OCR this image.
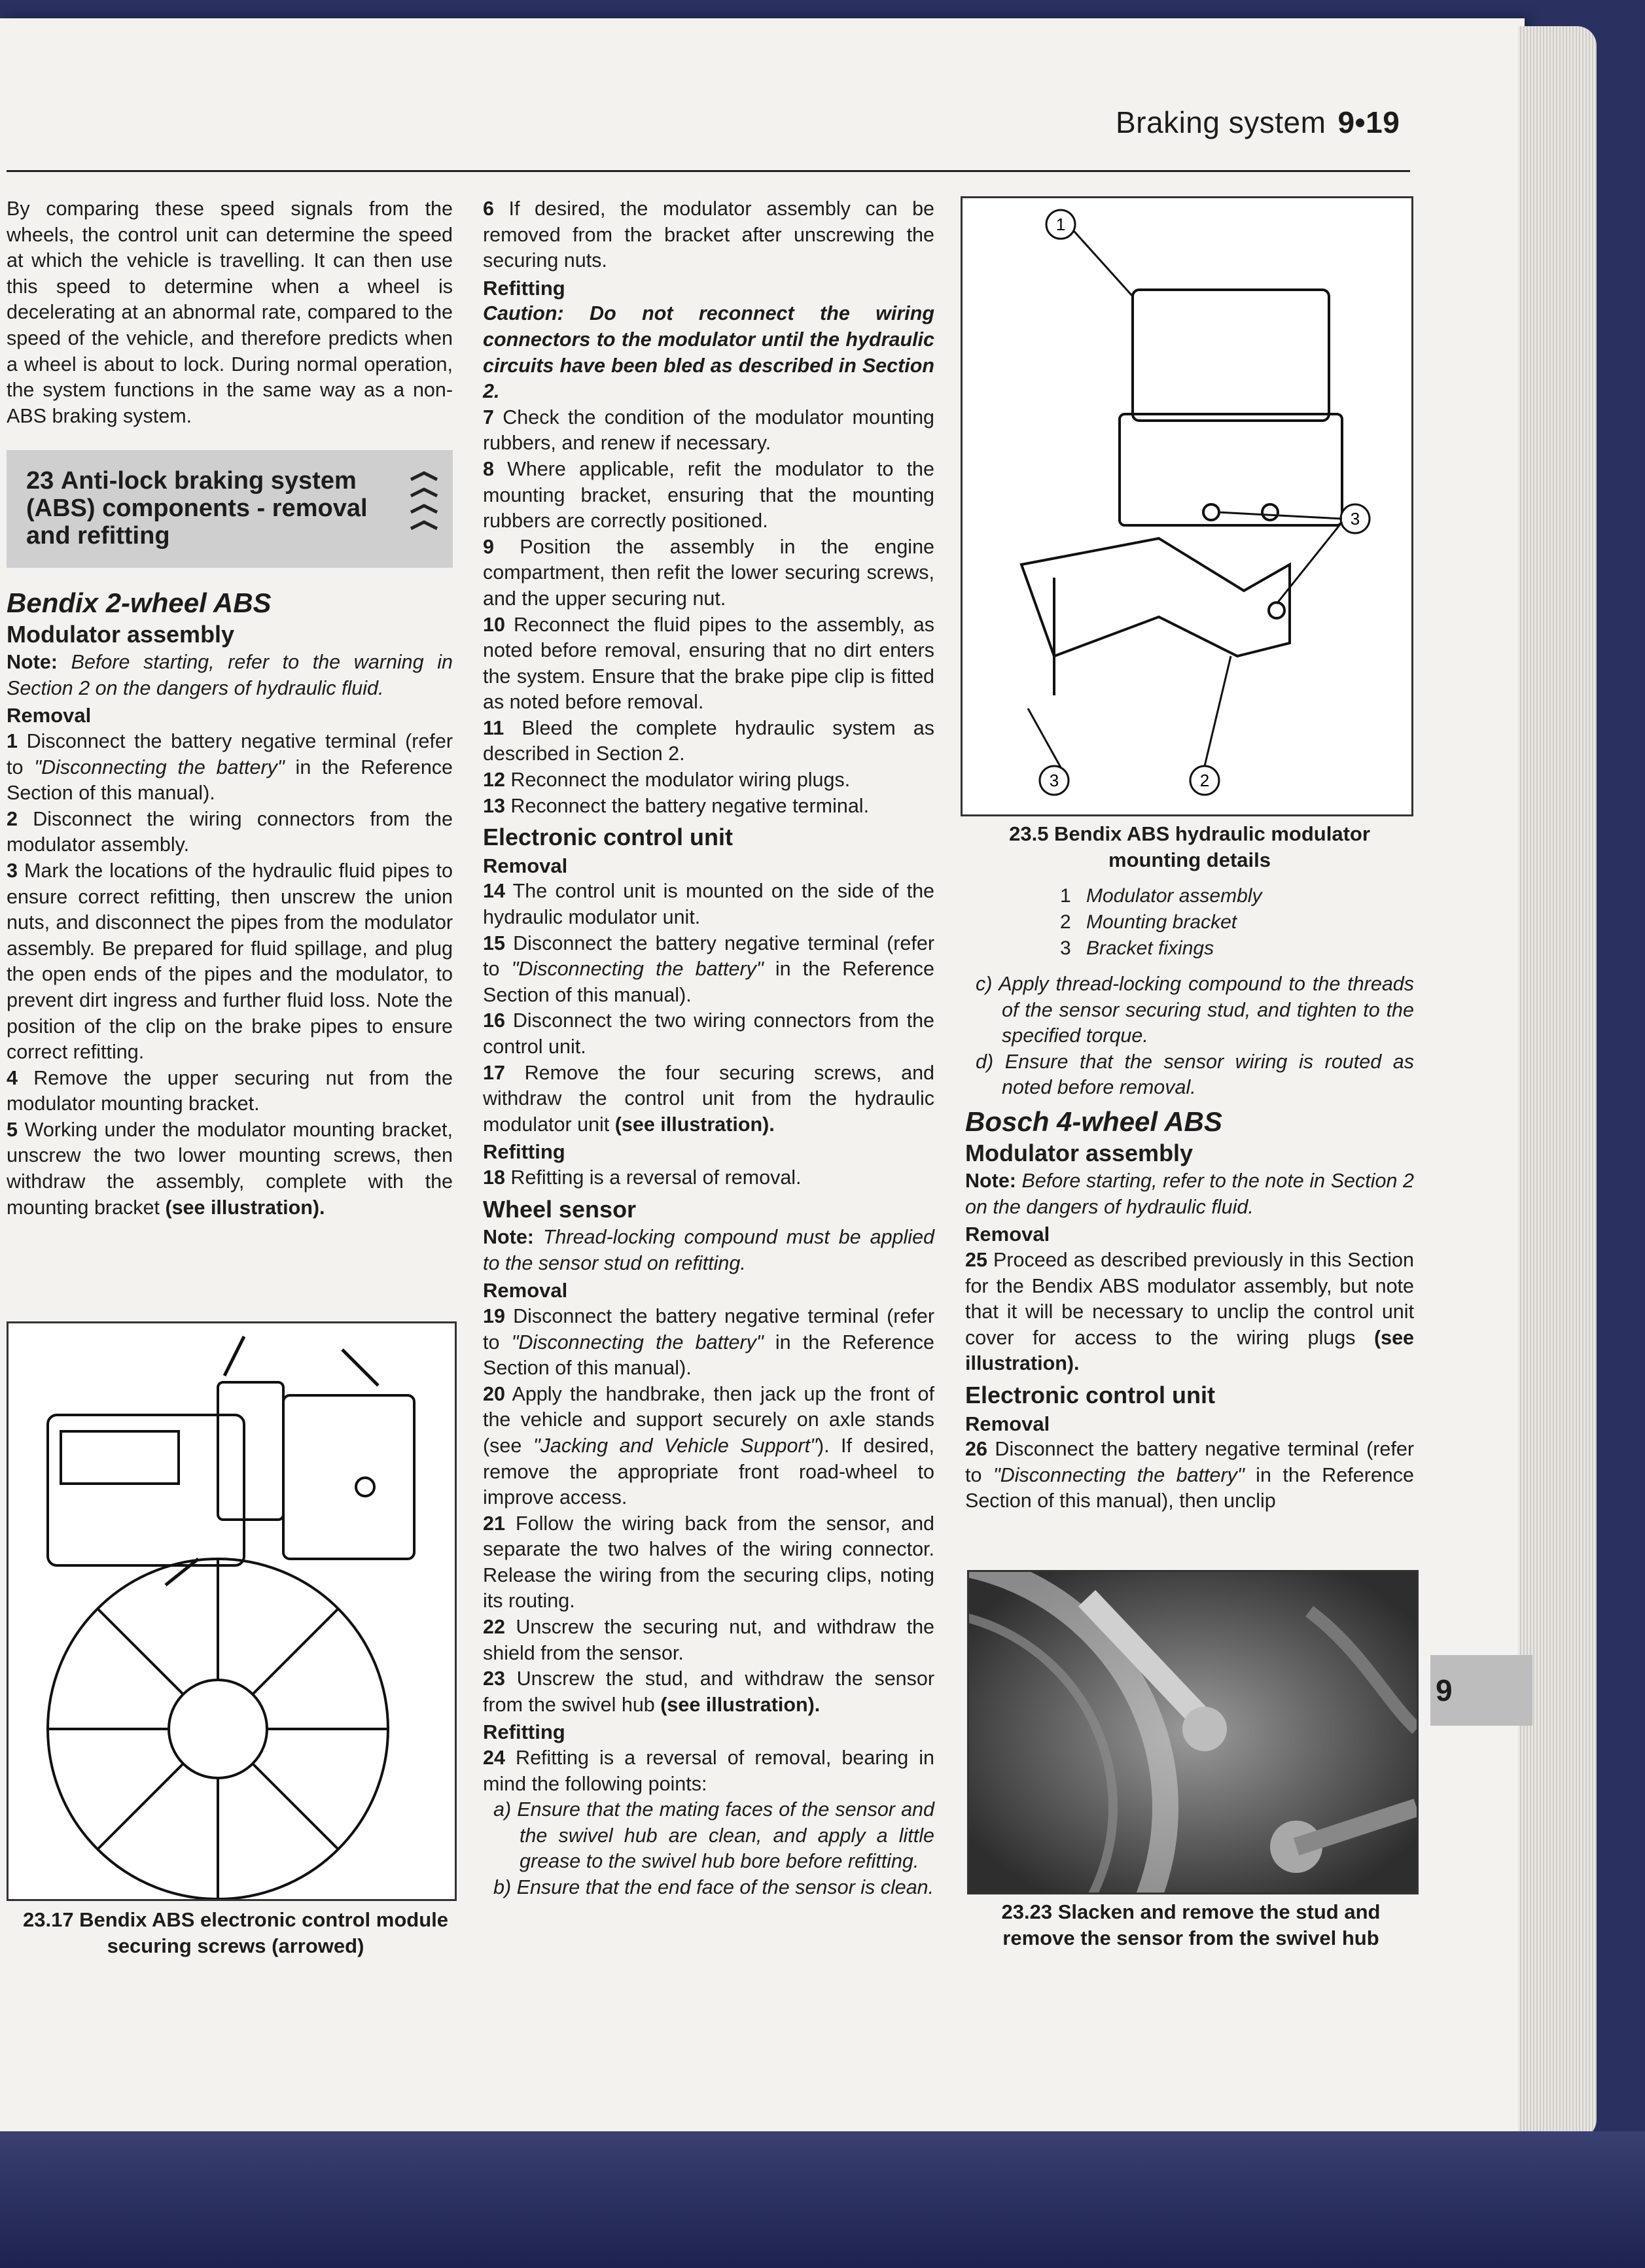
Braking system 9•19

By comparing these speed signals from the wheels, the control unit can determine the speed at which the vehicle is travelling. It can then use this speed to determine when a wheel is decelerating at an abnormal rate, compared to the speed of the vehicle, and therefore predicts when a wheel is about to lock. During normal operation, the system functions in the same way as a non-ABS braking system.

23 Anti-lock braking system (ABS) components - removal and refitting
Bendix 2-wheel ABS
Modulator assembly

Note: Before starting, refer to the warning in Section 2 on the dangers of hydraulic fluid.

Removal

1 Disconnect the battery negative terminal (refer to "Disconnecting the battery" in the Reference Section of this manual).

2 Disconnect the wiring connectors from the modulator assembly.

3 Mark the locations of the hydraulic fluid pipes to ensure correct refitting, then unscrew the union nuts, and disconnect the pipes from the modulator assembly. Be prepared for fluid spillage, and plug the open ends of the pipes and the modulator, to prevent dirt ingress and further fluid loss. Note the position of the clip on the brake pipes to ensure correct refitting.

4 Remove the upper securing nut from the modulator mounting bracket.

5 Working under the modulator mounting bracket, unscrew the two lower mounting screws, then withdraw the assembly, complete with the mounting bracket (see illustration).

23.17 Bendix ABS electronic control module securing screws (arrowed)

6 If desired, the modulator assembly can be removed from the bracket after unscrewing the securing nuts.

Refitting

Caution: Do not reconnect the wiring connectors to the modulator until the hydraulic circuits have been bled as described in Section 2.

7 Check the condition of the modulator mounting rubbers, and renew if necessary.

8 Where applicable, refit the modulator to the mounting bracket, ensuring that the mounting rubbers are correctly positioned.

9 Position the assembly in the engine compartment, then refit the lower securing screws, and the upper securing nut.

10 Reconnect the fluid pipes to the assembly, as noted before removal, ensuring that no dirt enters the system. Ensure that the brake pipe clip is fitted as noted before removal.

11 Bleed the complete hydraulic system as described in Section 2.

12 Reconnect the modulator wiring plugs.

13 Reconnect the battery negative terminal.

Electronic control unit
Removal

14 The control unit is mounted on the side of the hydraulic modulator unit.

15 Disconnect the battery negative terminal (refer to "Disconnecting the battery" in the Reference Section of this manual).

16 Disconnect the two wiring connectors from the control unit.

17 Remove the four securing screws, and withdraw the control unit from the hydraulic modulator unit (see illustration).

Refitting

18 Refitting is a reversal of removal.

Wheel sensor

Note: Thread-locking compound must be applied to the sensor stud on refitting.

Removal

19 Disconnect the battery negative terminal (refer to "Disconnecting the battery" in the Reference Section of this manual).

20 Apply the handbrake, then jack up the front of the vehicle and support securely on axle stands (see "Jacking and Vehicle Support"). If desired, remove the appropriate front road-wheel to improve access.

21 Follow the wiring back from the sensor, and separate the two halves of the wiring connector. Release the wiring from the securing clips, noting its routing.

22 Unscrew the securing nut, and withdraw the shield from the sensor.

23 Unscrew the stud, and withdraw the sensor from the swivel hub (see illustration).

Refitting

24 Refitting is a reversal of removal, bearing in mind the following points:

a) Ensure that the mating faces of the sensor and the swivel hub are clean, and apply a little grease to the swivel hub bore before refitting.

b) Ensure that the end face of the sensor is clean.

1
3
3	2
23.5 Bendix ABS hydraulic modulator mounting details
1 Modulator assembly
2 Mounting bracket
3 Bracket fixings

c) Apply thread-locking compound to the threads of the sensor securing stud, and tighten to the specified torque.

d) Ensure that the sensor wiring is routed as noted before removal.

Bosch 4-wheel ABS
Modulator assembly

Note: Before starting, refer to the note in Section 2 on the dangers of hydraulic fluid.

Removal

25 Proceed as described previously in this Section for the Bendix ABS modulator assembly, but note that it will be necessary to unclip the control unit cover for access to the wiring plugs (see illustration).

Electronic control unit
Removal

26 Disconnect the battery negative terminal (refer to "Disconnecting the battery" in the Reference Section of this manual), then unclip

23.23 Slacken and remove the stud and remove the sensor from the swivel hub
9
